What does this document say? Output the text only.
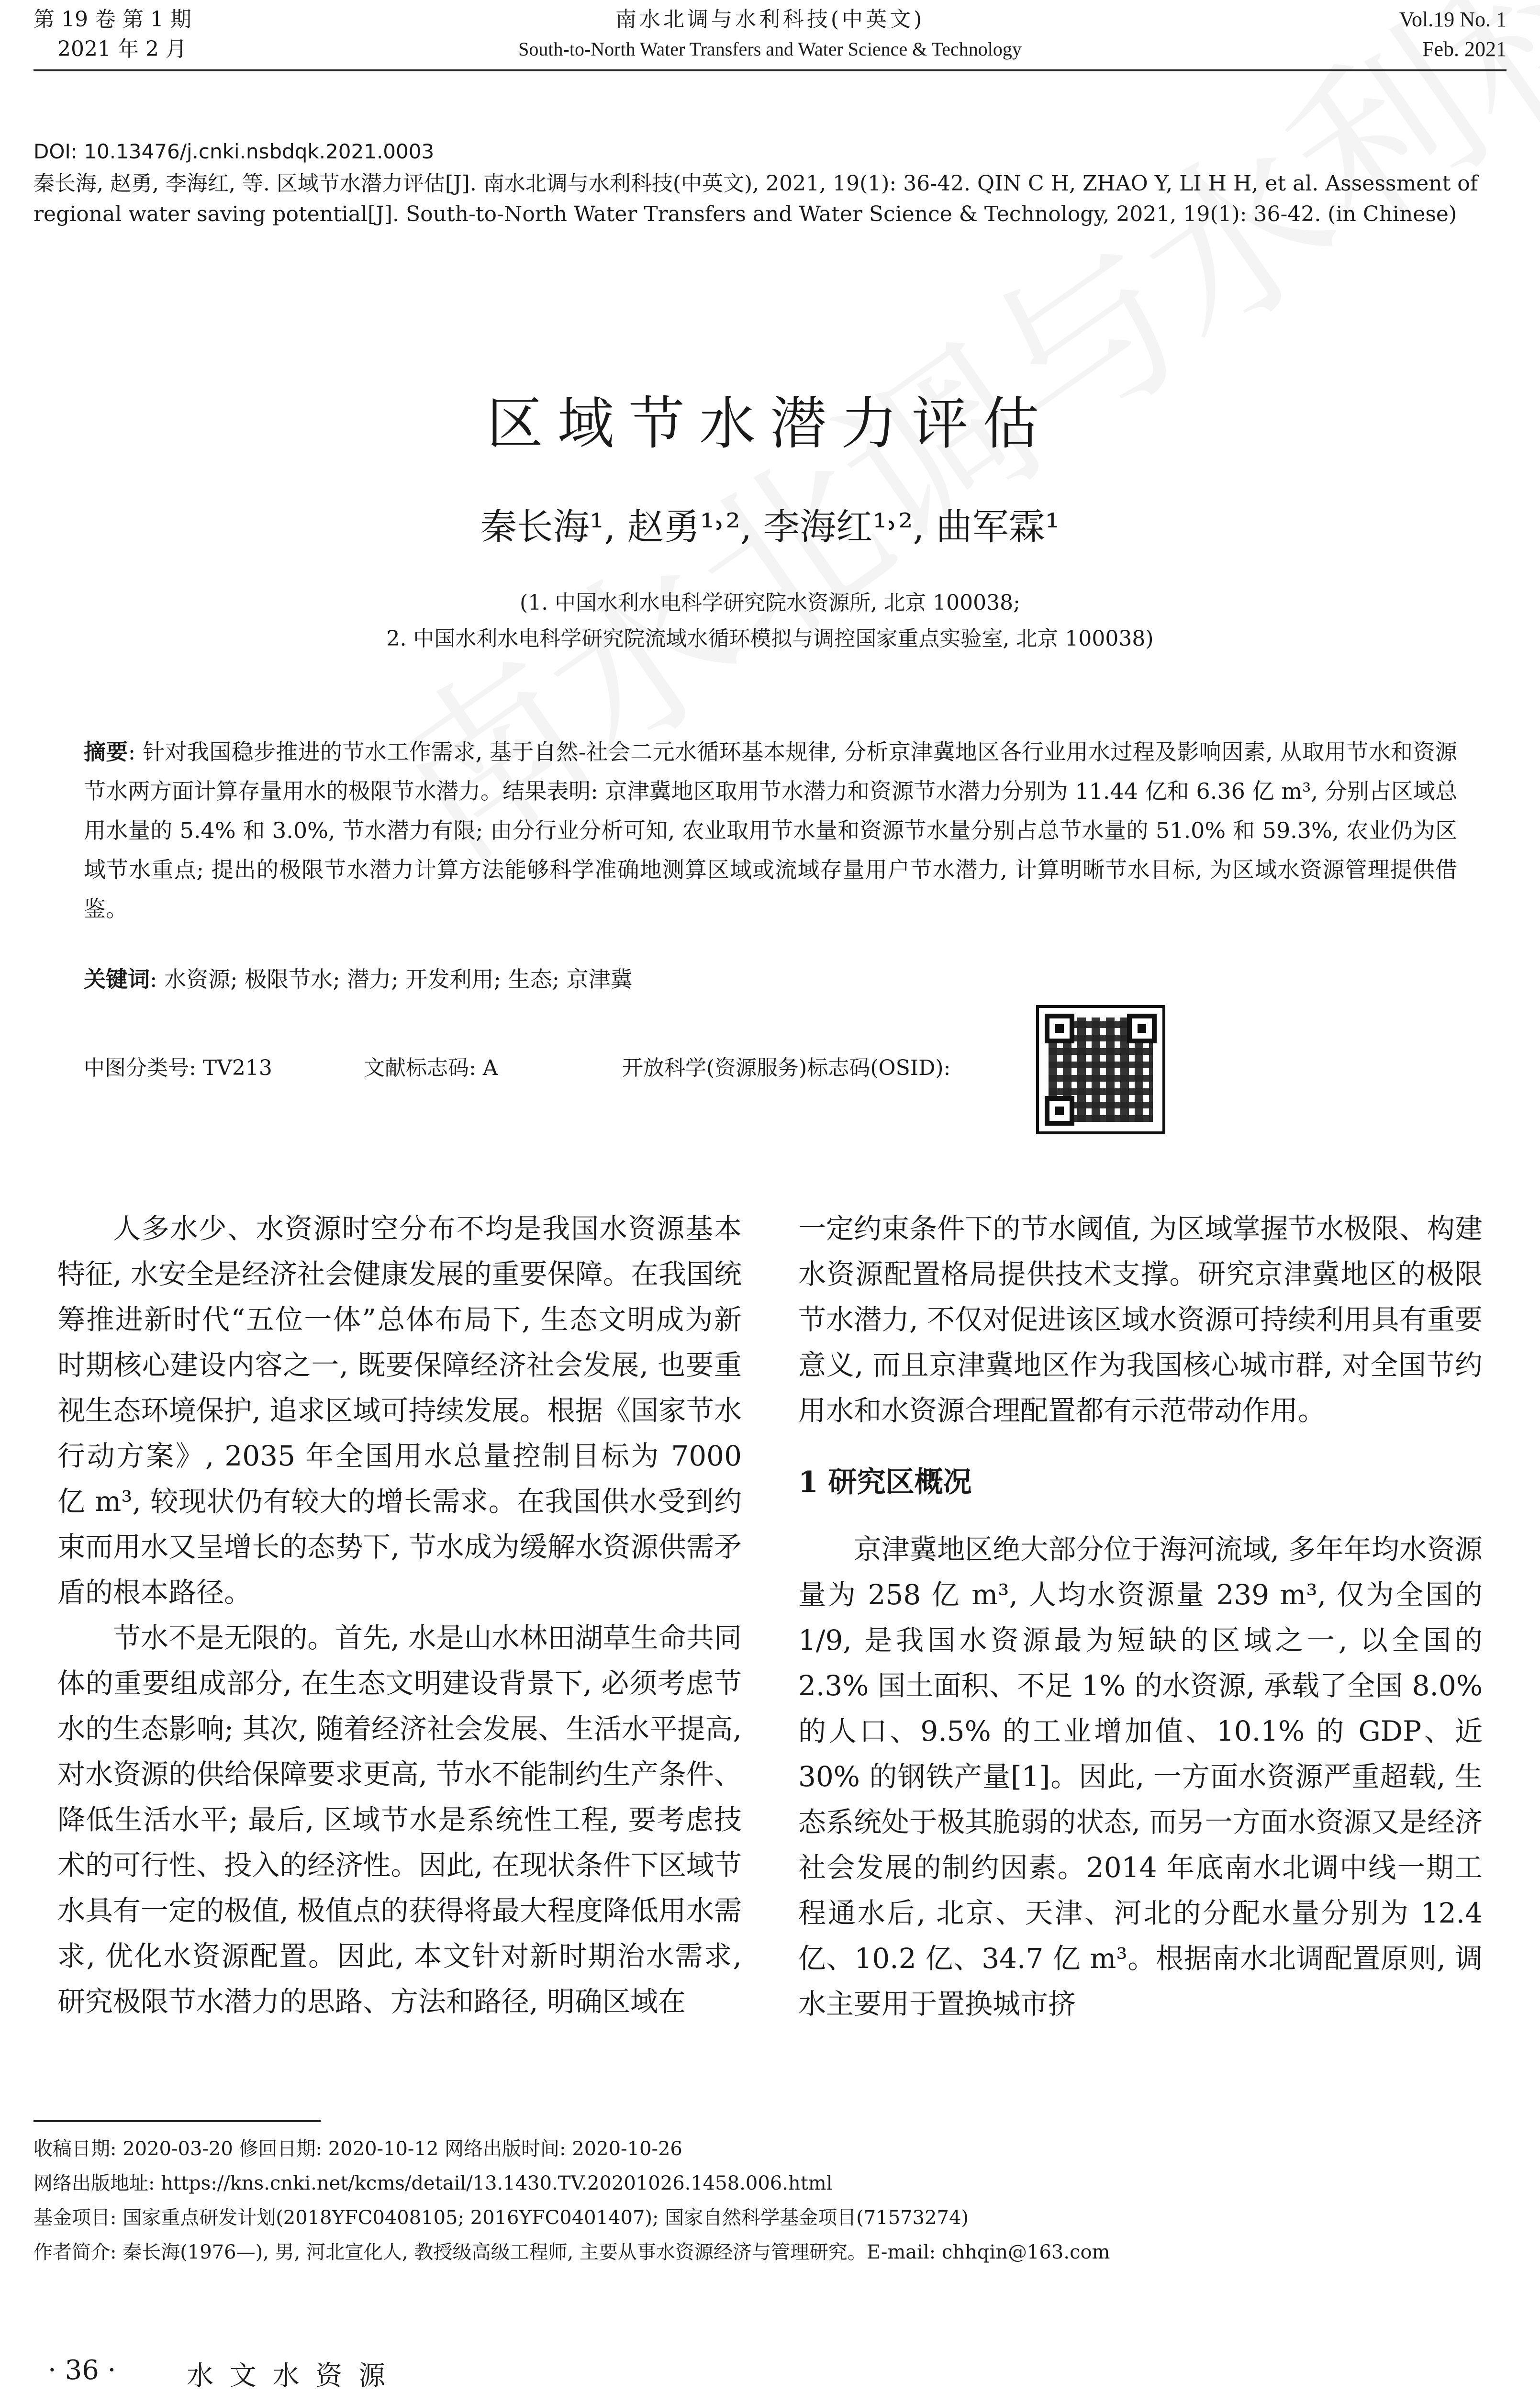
第 19 卷 第 1 期
2021 年 2 月
南水北调与水利科技(中英文)
South-to-North Water Transfers and Water Science & Technology
Vol.19 No. 1
Feb. 2021
DOI: 10.13476/j.cnki.nsbdqk.2021.0003
秦长海, 赵勇, 李海红, 等. 区域节水潜力评估[J]. 南水北调与水利科技(中英文), 2021, 19(1): 36-42. QIN C H, ZHAO Y, LI H H, et al. Assessment of regional water saving potential[J]. South-to-North Water Transfers and Water Science & Technology, 2021, 19(1): 36-42. (in Chinese)
区域节水潜力评估
秦长海¹, 赵勇¹˒², 李海红¹˒², 曲军霖¹
(1. 中国水利水电科学研究院水资源所, 北京 100038;
2. 中国水利水电科学研究院流域水循环模拟与调控国家重点实验室, 北京 100038)
摘要: 针对我国稳步推进的节水工作需求, 基于自然-社会二元水循环基本规律, 分析京津冀地区各行业用水过程及影响因素, 从取用节水和资源节水两方面计算存量用水的极限节水潜力。结果表明: 京津冀地区取用节水潜力和资源节水潜力分别为 11.44 亿和 6.36 亿 m³, 分别占区域总用水量的 5.4% 和 3.0%, 节水潜力有限; 由分行业分析可知, 农业取用节水量和资源节水量分别占总节水量的 51.0% 和 59.3%, 农业仍为区域节水重点; 提出的极限节水潜力计算方法能够科学准确地测算区域或流域存量用户节水潜力, 计算明晰节水目标, 为区域水资源管理提供借鉴。
关键词: 水资源; 极限节水; 潜力; 开发利用; 生态; 京津冀
中图分类号: TV213	文献标志码: A	开放科学(资源服务)标志码(OSID):

人多水少、水资源时空分布不均是我国水资源基本特征, 水安全是经济社会健康发展的重要保障。在我国统筹推进新时代“五位一体”总体布局下, 生态文明成为新时期核心建设内容之一, 既要保障经济社会发展, 也要重视生态环境保护, 追求区域可持续发展。根据《国家节水行动方案》, 2035 年全国用水总量控制目标为 7000 亿 m³, 较现状仍有较大的增长需求。在我国供水受到约束而用水又呈增长的态势下, 节水成为缓解水资源供需矛盾的根本路径。

节水不是无限的。首先, 水是山水林田湖草生命共同体的重要组成部分, 在生态文明建设背景下, 必须考虑节水的生态影响; 其次, 随着经济社会发展、生活水平提高, 对水资源的供给保障要求更高, 节水不能制约生产条件、降低生活水平; 最后, 区域节水是系统性工程, 要考虑技术的可行性、投入的经济性。因此, 在现状条件下区域节水具有一定的极值, 极值点的获得将最大程度降低用水需求, 优化水资源配置。因此, 本文针对新时期治水需求, 研究极限节水潜力的思路、方法和路径, 明确区域在

一定约束条件下的节水阈值, 为区域掌握节水极限、构建水资源配置格局提供技术支撑。研究京津冀地区的极限节水潜力, 不仅对促进该区域水资源可持续利用具有重要意义, 而且京津冀地区作为我国核心城市群, 对全国节约用水和水资源合理配置都有示范带动作用。

1 研究区概况

京津冀地区绝大部分位于海河流域, 多年年均水资源量为 258 亿 m³, 人均水资源量 239 m³, 仅为全国的 1/9, 是我国水资源最为短缺的区域之一, 以全国的 2.3% 国土面积、不足 1% 的水资源, 承载了全国 8.0% 的人口、9.5% 的工业增加值、10.1% 的 GDP、近 30% 的钢铁产量[1]。因此, 一方面水资源严重超载, 生态系统处于极其脆弱的状态, 而另一方面水资源又是经济社会发展的制约因素。2014 年底南水北调中线一期工程通水后, 北京、天津、河北的分配水量分别为 12.4 亿、10.2 亿、34.7 亿 m³。根据南水北调配置原则, 调水主要用于置换城市挤

收稿日期: 2020-03-20 修回日期: 2020-10-12 网络出版时间: 2020-10-26
网络出版地址: https://kns.cnki.net/kcms/detail/13.1430.TV.20201026.1458.006.html
基金项目: 国家重点研发计划(2018YFC0408105; 2016YFC0401407); 国家自然科学基金项目(71573274)
作者简介: 秦长海(1976—), 男, 河北宣化人, 教授级高级工程师, 主要从事水资源经济与管理研究。E-mail: chhqin@163.com
· 36 ·	水 文 水 资 源
